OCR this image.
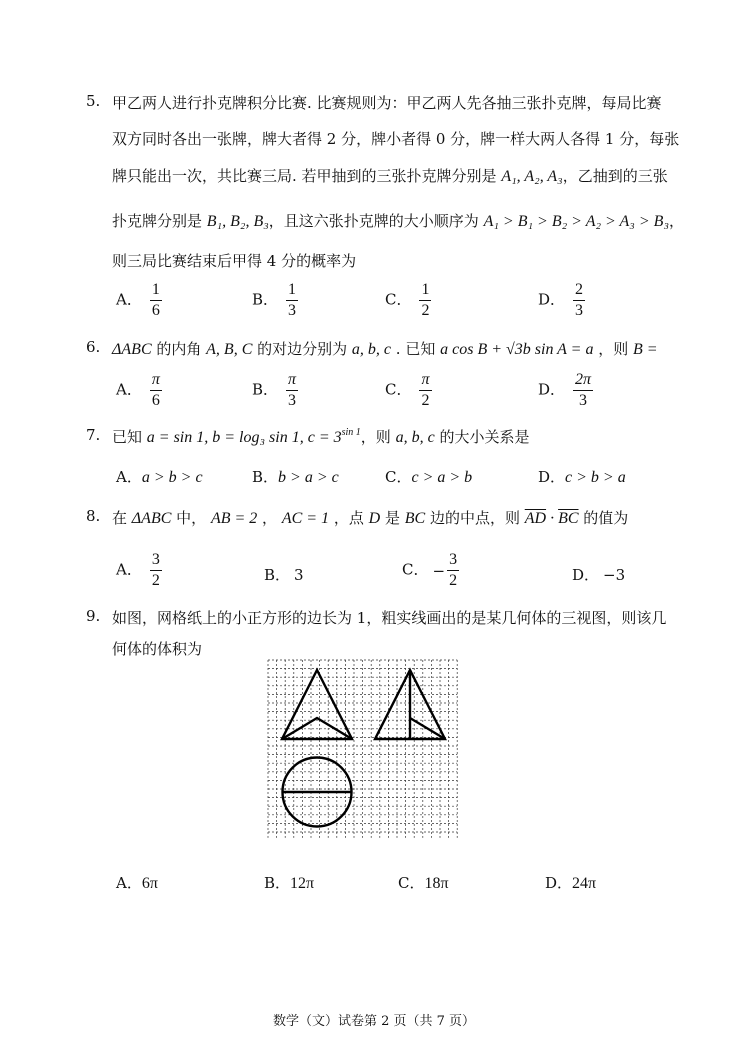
5. 甲乙两人进行扑克牌积分比赛. 比赛规则为：甲乙两人先各抽三张扑克牌，每局比赛
双方同时各出一张牌，牌大者得 2 分，牌小者得 0 分，牌一样大两人各得 1 分，每张
牌只能出一次，共比赛三局. 若甲抽到的三张扑克牌分别是 A₁, A₂, A₃，乙抽到的三张
扑克牌分别是 B₁, B₂, B₃，且这六张扑克牌的大小顺序为 A₁ > B₁ > B₂ > A₂ > A₃ > B₃，
则三局比赛结束后甲得 4 分的概率为
A． $\frac{1}{6}$	B． $\frac{1}{3}$	C． $\frac{1}{2}$	D． $\frac{2}{3}$
6. ΔABC 的内角 A, B, C 的对边分别为 a, b, c . 已知 a cos B + √3b sin A = a ，则 B =
A． $\frac{\pi}{6}$	B． $\frac{\pi}{3}$	C． $\frac{\pi}{2}$	D． $\frac{2\pi}{3}$
7. 已知 a = sin 1, b = log₃ sin 1, $c = 3^{sin 1}$，则 a, b, c 的大小关系是
A．a > b > c	B．b > a > c	C．c > a > b	D．c > b > a
8. 在 ΔABC 中， AB = 2 ， AC = 1 ，点 D 是 BC 边的中点，则 $\overline{AD} \cdot \overline{BC}$ 的值为
A． $\frac{3}{2}$	B． 3	C． − $\frac{3}{2}$	D． −3
9. 如图，网格纸上的小正方形的边长为 1，粗实线画出的是某几何体的三视图，则该几
何体的体积为
A．6π	B．12π	C．18π	D．24π
数学（文）试卷第 2 页（共 7 页）
